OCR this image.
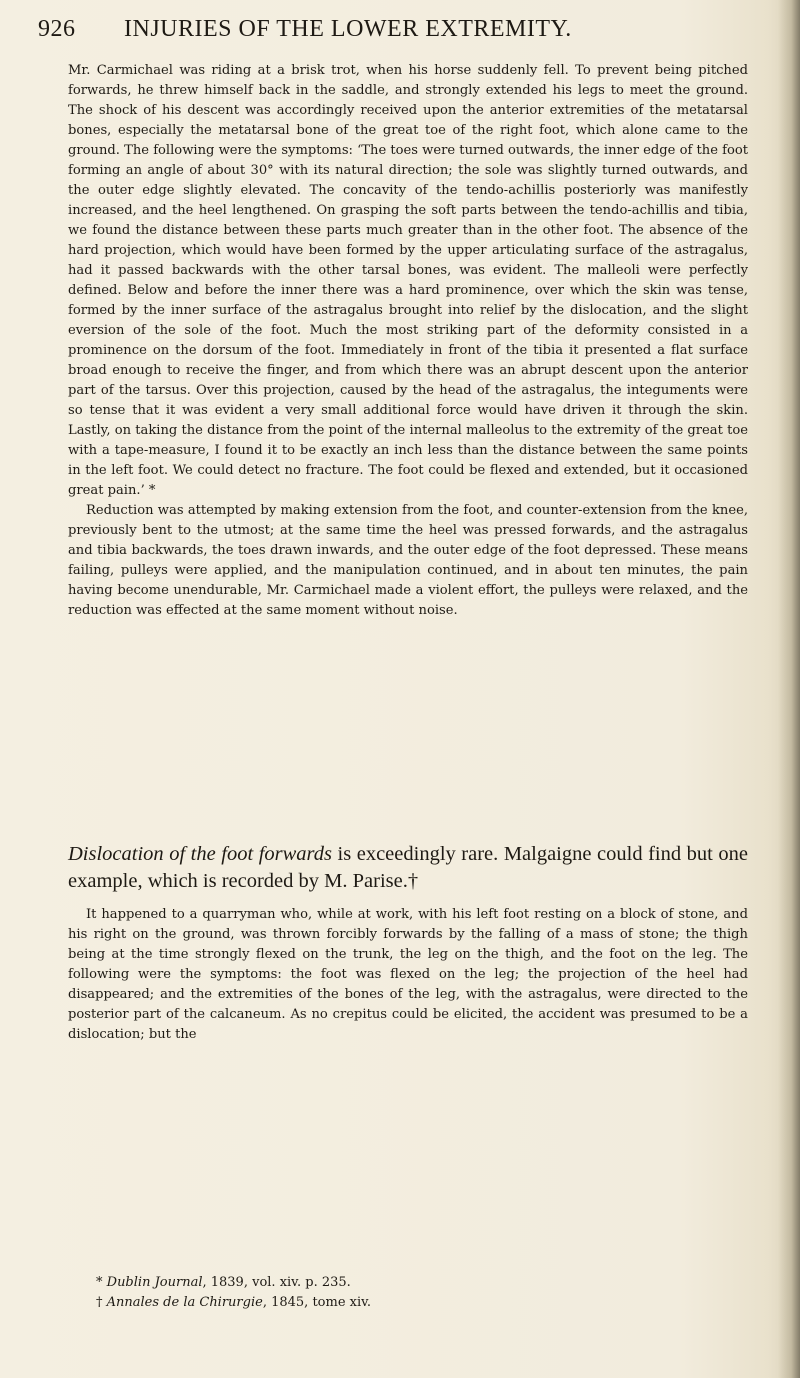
926 INJURIES OF THE LOWER EXTREMITY.

Mr. Carmichael was riding at a brisk trot, when his horse suddenly fell. To prevent being pitched forwards, he threw himself back in the saddle, and strongly extended his legs to meet the ground. The shock of his descent was accordingly received upon the anterior extremities of the metatarsal bones, especially the metatarsal bone of the great toe of the right foot, which alone came to the ground. The following were the symptoms: ‘The toes were turned outwards, the inner edge of the foot forming an angle of about 30° with its natural direction; the sole was slightly turned outwards, and the outer edge slightly elevated. The concavity of the tendo-achillis posteriorly was manifestly increased, and the heel lengthened. On grasping the soft parts between the tendo-achillis and tibia, we found the distance between these parts much greater than in the other foot. The absence of the hard projection, which would have been formed by the upper articulating surface of the astragalus, had it passed backwards with the other tarsal bones, was evident. The malleoli were perfectly defined. Below and before the inner there was a hard prominence, over which the skin was tense, formed by the inner surface of the astragalus brought into relief by the dislocation, and the slight eversion of the sole of the foot. Much the most striking part of the deformity consisted in a prominence on the dorsum of the foot. Immediately in front of the tibia it presented a flat surface broad enough to receive the finger, and from which there was an abrupt descent upon the anterior part of the tarsus. Over this projection, caused by the head of the astragalus, the integuments were so tense that it was evident a very small additional force would have driven it through the skin. Lastly, on taking the distance from the point of the internal malleolus to the extremity of the great toe with a tape-measure, I found it to be exactly an inch less than the distance between the same points in the left foot. We could detect no fracture. The foot could be flexed and extended, but it occasioned great pain.’ *

Reduction was attempted by making extension from the foot, and counter-extension from the knee, previously bent to the utmost; at the same time the heel was pressed forwards, and the astragalus and tibia backwards, the toes drawn inwards, and the outer edge of the foot depressed. These means failing, pulleys were applied, and the manipulation continued, and in about ten minutes, the pain having become unendurable, Mr. Carmichael made a violent effort, the pulleys were relaxed, and the reduction was effected at the same moment without noise.

Dislocation of the foot forwards is exceedingly rare. Malgaigne could find but one example, which is recorded by M. Parise.†

It happened to a quarryman who, while at work, with his left foot resting on a block of stone, and his right on the ground, was thrown forcibly forwards by the falling of a mass of stone; the thigh being at the time strongly flexed on the trunk, the leg on the thigh, and the foot on the leg. The following were the symptoms: the foot was flexed on the leg; the projection of the heel had disappeared; and the extremities of the bones of the leg, with the astragalus, were directed to the posterior part of the calcaneum. As no crepitus could be elicited, the accident was presumed to be a dislocation; but the

* Dublin Journal, 1839, vol. xiv. p. 235.
† Annales de la Chirurgie, 1845, tome xiv.
